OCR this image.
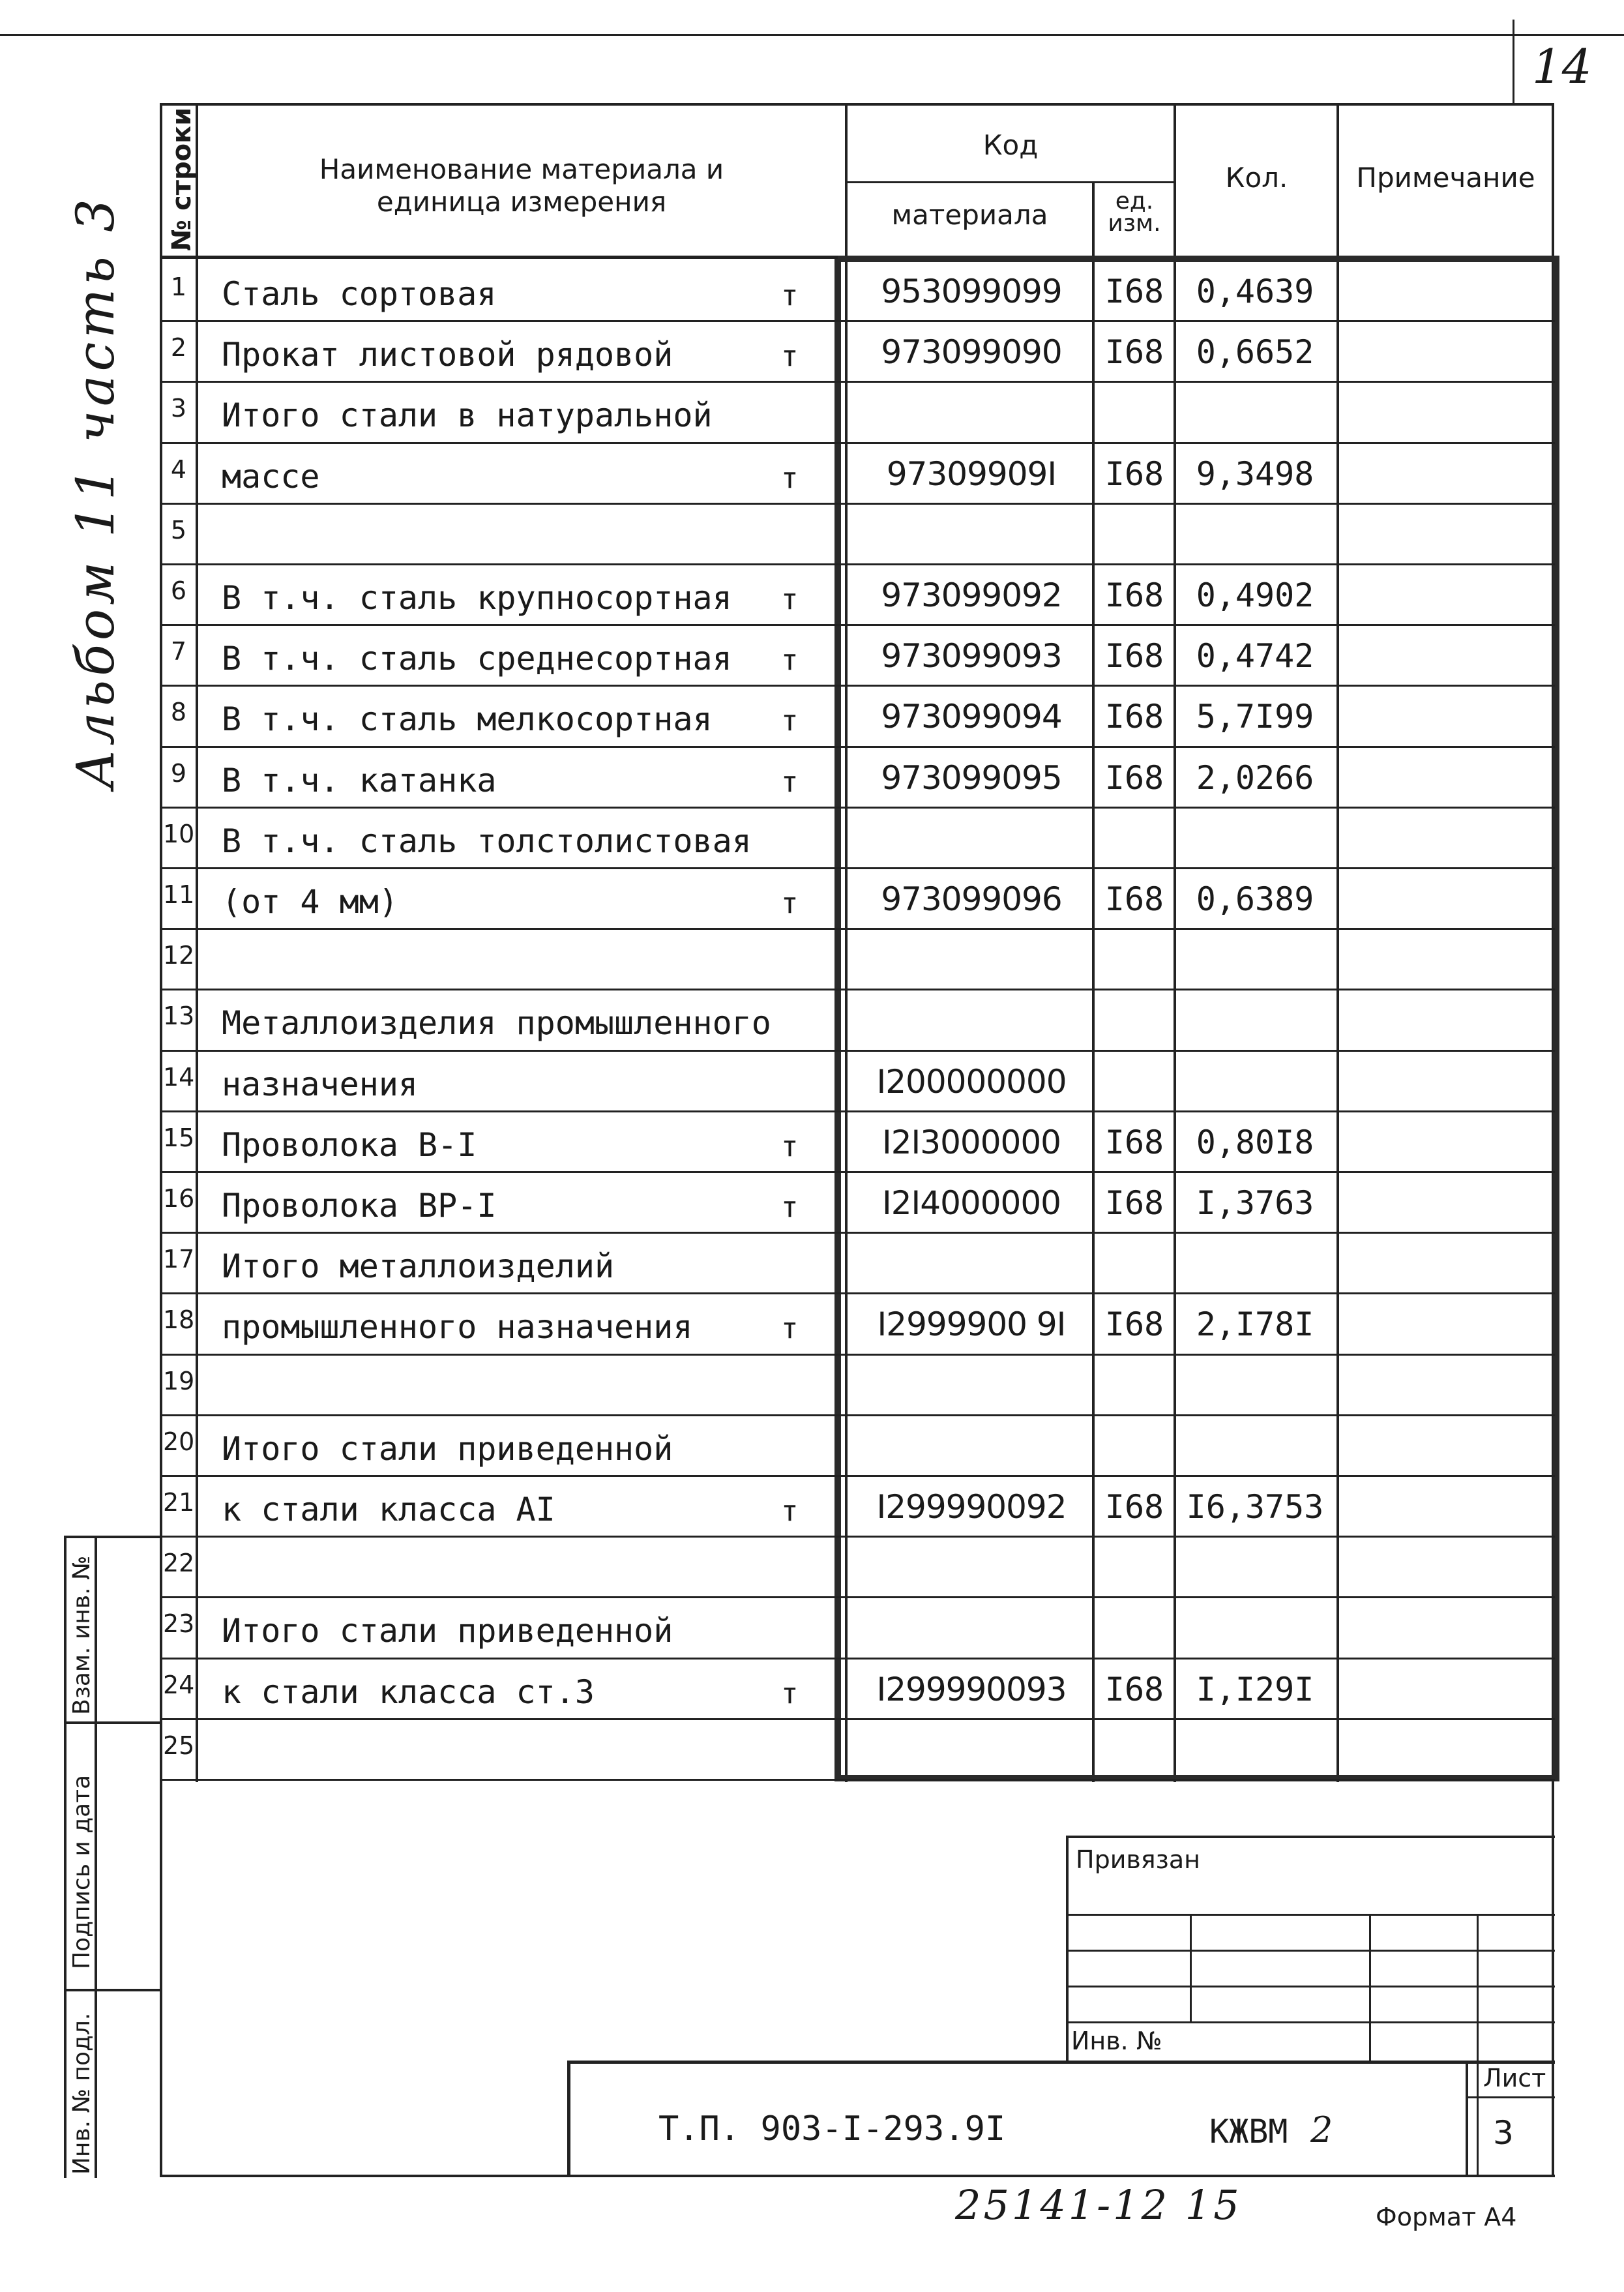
14
Альбом 11 часть 3
№ строки	Наименование материала и
единица измерения
Код
материала	ед.
изм.
Кол.	Примечание
1 Сталь сортовая	т	953099099	I68 0,4639
2 Прокат листовой рядовой	т	973099090	I68 0,6652
3 Итого стали в натуральной
4 массе	т	97309909I	I68 9,3498
5
6 В т.ч. сталь крупносортная т	973099092	I68 0,4902
7 В т.ч. сталь среднесортная т	973099093	I68 0,4742
8 В т.ч. сталь мелкосортная т	973099094	I68 5,7I99
9 В т.ч. катанка	т	973099095	I68 2,0266
10 В т.ч. сталь толстолистовая
11 (от 4 мм)	т	973099096	I68 0,6389
12
13 Металлоизделия промышленного
14 назначения	I200000000
15 Проволока В-I	т	I2I3000000	I68 0,80I8
16 Проволока ВР-I	т	I2I4000000	I68 I,3763
17 Итого металлоизделий
18 промышленного назначения	т	I2999900 9I	I68 2,I78I
19
20 Итого стали приведенной
21 к стали класса АI	т	I299990092	I68 I6,3753
22
23 Итого стали приведенной
24 к стали класса ст.3	т	I299990093	I68 I,I29I
25
Взам. инв. №
Подпись и дата
Инв. № подл.
Привязан
Инв. №
Т.П. 903-I-293.9I	КЖВМ 2
Лист
3
25141-12 15	Формат А4
